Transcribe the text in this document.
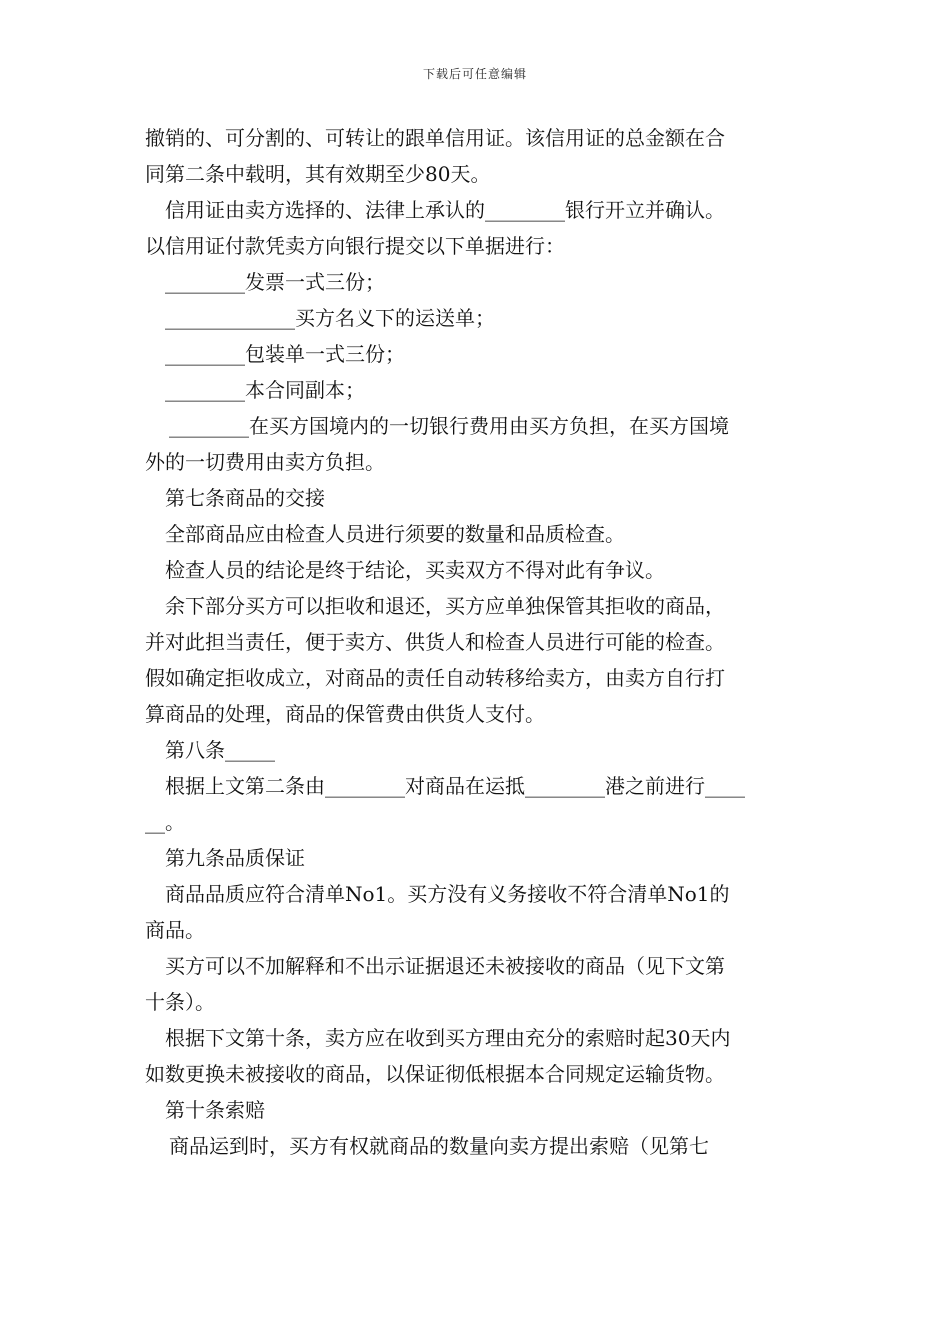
下载后可任意编辑
撤销的、可分割的、可转让的跟单信用证。该信用证的总金额在合
同第二条中载明，其有效期至少80天。
信用证由卖方选择的、法律上承认的________银行开立并确认。
以信用证付款凭卖方向银行提交以下单据进行：
________发票一式三份；
_____________买方名义下的运送单；
________包装单一式三份；
________本合同副本；
________在买方国境内的一切银行费用由买方负担，在买方国境
外的一切费用由卖方负担。
第七条商品的交接
全部商品应由检查人员进行须要的数量和品质检查。
检查人员的结论是终于结论，买卖双方不得对此有争议。
余下部分买方可以拒收和退还，买方应单独保管其拒收的商品，
并对此担当责任，便于卖方、供货人和检查人员进行可能的检查。
假如确定拒收成立，对商品的责任自动转移给卖方，由卖方自行打
算商品的处理，商品的保管费由供货人支付。
第八条_____
根据上文第二条由________对商品在运抵________港之前进行____
__。
第九条品质保证
商品品质应符合清单No1。买方没有义务接收不符合清单No1的
商品。
买方可以不加解释和不出示证据退还未被接收的商品（见下文第
十条）。
根据下文第十条，卖方应在收到买方理由充分的索赔时起30天内
如数更换未被接收的商品，以保证彻低根据本合同规定运输货物。
第十条索赔
商品运到时，买方有权就商品的数量向卖方提出索赔（见第七
